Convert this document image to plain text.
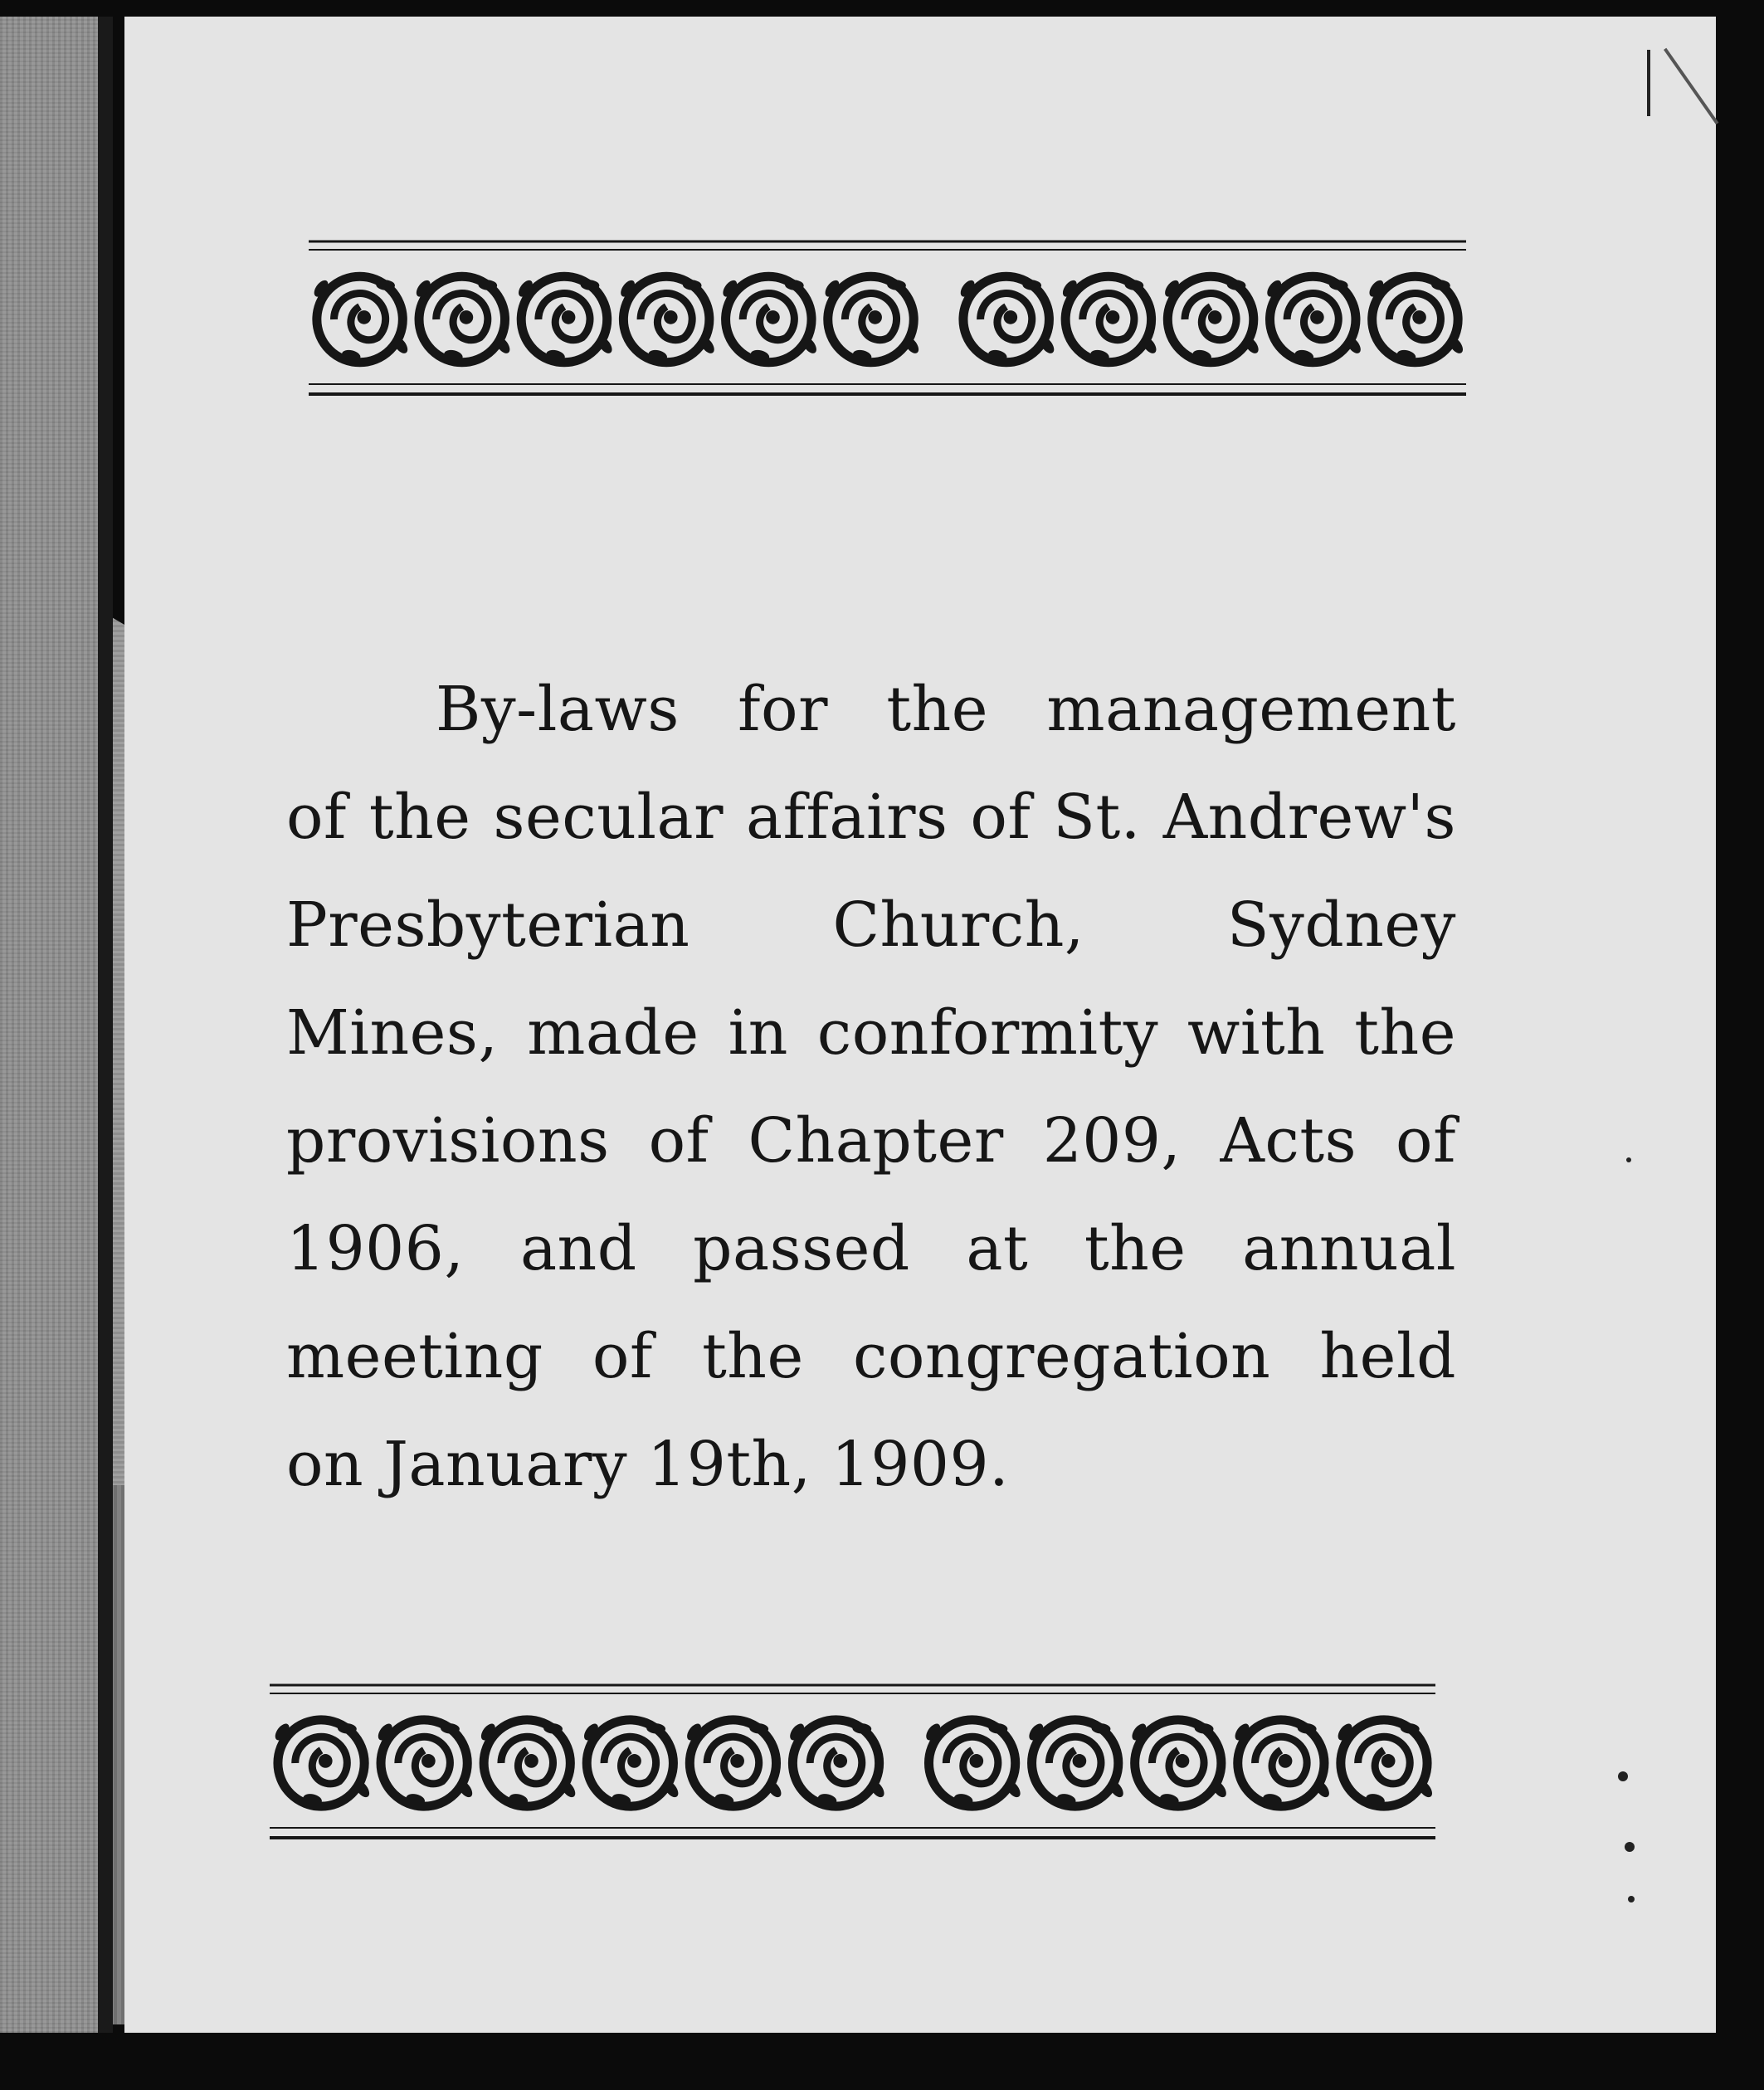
By-laws for the management
of the secular affairs of St. Andrew's
Presbyterian Church, Sydney
Mines, made in conformity with the
provisions of Chapter 209, Acts of
1906, and passed at the annual
meeting of the congregation held
on January 19th, 1909.
